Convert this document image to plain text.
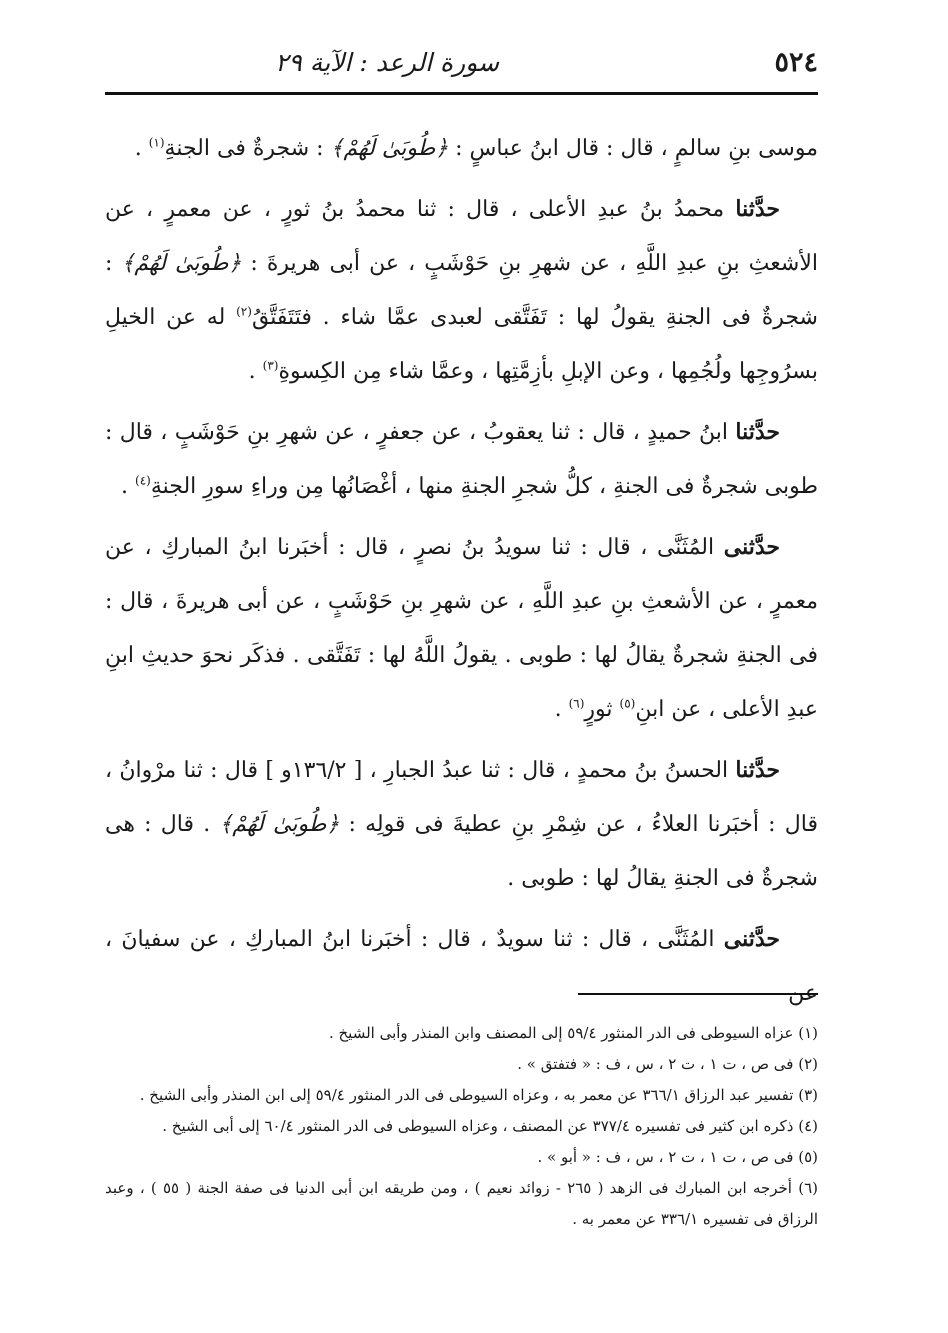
٥٢٤
سورة الرعد : الآية ٢٩

موسى بنِ سالمٍ ، قال : قال ابنُ عباسٍ : ﴿طُوبَىٰ لَهُمْ﴾ : شجرةٌ فى الجنةِ$^{(١)}$ .

حدَّثنا محمدُ بنُ عبدِ الأعلى ، قال : ثنا محمدُ بنُ ثورٍ ، عن معمرٍ ، عن الأشعثِ بنِ عبدِ اللَّهِ ، عن شهرِ بنِ حَوْشَبٍ ، عن أبى هريرةَ : ﴿طُوبَىٰ لَهُمْ﴾ : شجرةٌ فى الجنةِ يقولُ لها : تَفَتَّقى لعبدى عمَّا شاء . فتَتَفَتَّقُ$^{(٢)}$ له عن الخيلِ بسرُوجِها ولُجُمِها ، وعن الإبلِ بأزِمَّتِها ، وعمَّا شاء مِن الكِسوةِ$^{(٣)}$ .

حدَّثنا ابنُ حميدٍ ، قال : ثنا يعقوبُ ، عن جعفرٍ ، عن شهرِ بنِ حَوْشَبٍ ، قال : طوبى شجرةٌ فى الجنةِ ، كلُّ شجرِ الجنةِ منها ، أغْصَانُها مِن وراءِ سورِ الجنةِ$^{(٤)}$ .

حدَّثنى المُثَنَّى ، قال : ثنا سويدُ بنُ نصرٍ ، قال : أخبَرنا ابنُ المباركِ ، عن معمرٍ ، عن الأشعثِ بنِ عبدِ اللَّهِ ، عن شهرِ بنِ حَوْشَبٍ ، عن أبى هريرةَ ، قال : فى الجنةِ شجرةٌ يقالُ لها : طوبى . يقولُ اللَّهُ لها : تَفَتَّقى . فذكَر نحوَ حديثِ ابنِ عبدِ الأعلى ، عن ابنِ$^{(٥)}$ ثورٍ$^{(٦)}$ .

حدَّثنا الحسنُ بنُ محمدٍ ، قال : ثنا عبدُ الجبارِ ، [ ١٣٦/٢و ] قال : ثنا مرْوانُ ، قال : أخبَرنا العلاءُ ، عن شِمْرِ بنِ عطيةَ فى قولِه : ﴿طُوبَىٰ لَهُمْ﴾ . قال : هى شجرةٌ فى الجنةِ يقالُ لها : طوبى .

حدَّثنى المُثَنَّى ، قال : ثنا سويدٌ ، قال : أخبَرنا ابنُ المباركِ ، عن سفيانَ ، عن

(١) عزاه السيوطى فى الدر المنثور ٥٩/٤ إلى المصنف وابن المنذر وأبى الشيخ .

(٢) فى ص ، ت ١ ، ت ٢ ، س ، ف : « فتفتق » .

(٣) تفسير عبد الرزاق ٣٦٦/١ عن معمر به ، وعزاه السيوطى فى الدر المنثور ٥٩/٤ إلى ابن المنذر وأبى الشيخ .

(٤) ذكره ابن كثير فى تفسيره ٣٧٧/٤ عن المصنف ، وعزاه السيوطى فى الدر المنثور ٦٠/٤ إلى أبى الشيخ .

(٥) فى ص ، ت ١ ، ت ٢ ، س ، ف : « أبو » .

(٦) أخرجه ابن المبارك فى الزهد ( ٢٦٥ - زوائد نعيم ) ، ومن طريقه ابن أبى الدنيا فى صفة الجنة ( ٥٥ ) ، وعبد الرزاق فى تفسيره ٣٣٦/١ عن معمر به .
